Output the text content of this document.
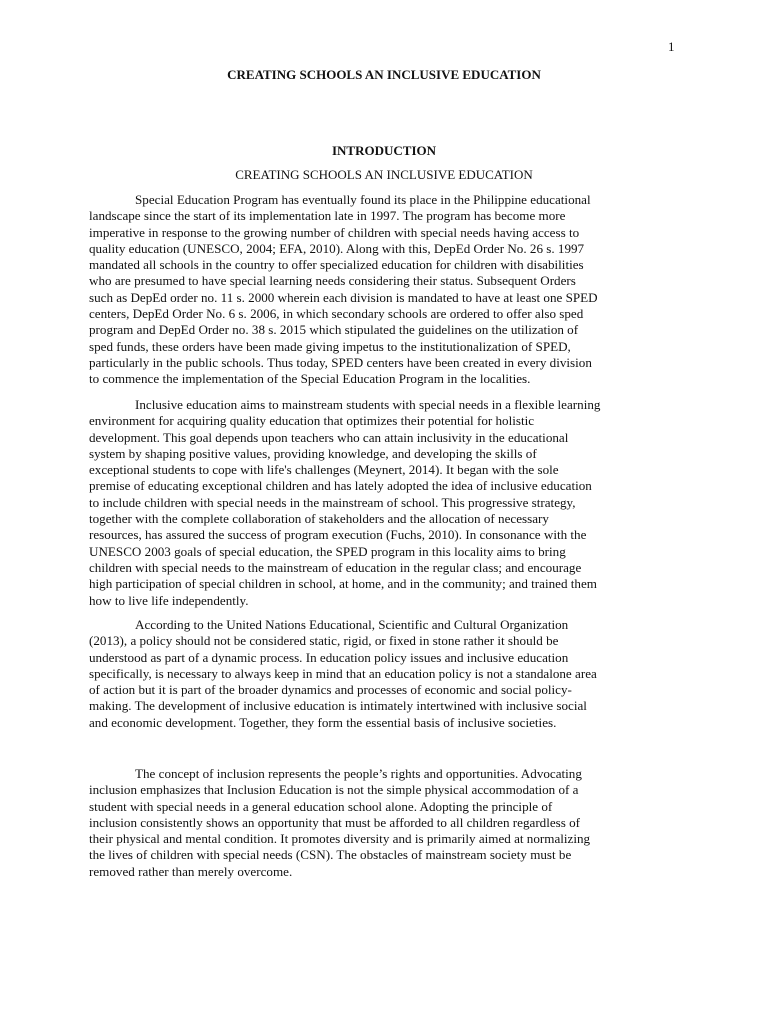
1
CREATING SCHOOLS AN INCLUSIVE EDUCATION
INTRODUCTION
CREATING SCHOOLS AN INCLUSIVE EDUCATION
Special Education Program has eventually found its place in the Philippine educational
landscape since the start of its implementation late in 1997. The program has become more
imperative in response to the growing number of children with special needs having access to
quality education (UNESCO, 2004; EFA, 2010). Along with this, DepEd Order No. 26 s. 1997
mandated all schools in the country to offer specialized education for children with disabilities
who are presumed to have special learning needs considering their status. Subsequent Orders
such as DepEd order no. 11 s. 2000 wherein each division is mandated to have at least one SPED
centers, DepEd Order No. 6 s. 2006, in which secondary schools are ordered to offer also sped
program and DepEd Order no. 38 s. 2015 which stipulated the guidelines on the utilization of
sped funds, these orders have been made giving impetus to the institutionalization of SPED,
particularly in the public schools. Thus today, SPED centers have been created in every division
to commence the implementation of the Special Education Program in the localities.
Inclusive education aims to mainstream students with special needs in a flexible learning
environment for acquiring quality education that optimizes their potential for holistic
development. This goal depends upon teachers who can attain inclusivity in the educational
system by shaping positive values, providing knowledge, and developing the skills of
exceptional students to cope with life's challenges (Meynert, 2014). It began with the sole
premise of educating exceptional children and has lately adopted the idea of inclusive education
to include children with special needs in the mainstream of school. This progressive strategy,
together with the complete collaboration of stakeholders and the allocation of necessary
resources, has assured the success of program execution (Fuchs, 2010). In consonance with the
UNESCO 2003 goals of special education, the SPED program in this locality aims to bring
children with special needs to the mainstream of education in the regular class; and encourage
high participation of special children in school, at home, and in the community; and trained them
how to live life independently.
According to the United Nations Educational, Scientific and Cultural Organization
(2013), a policy should not be considered static, rigid, or fixed in stone rather it should be
understood as part of a dynamic process. In education policy issues and inclusive education
specifically, is necessary to always keep in mind that an education policy is not a standalone area
of action but it is part of the broader dynamics and processes of economic and social policy-
making. The development of inclusive education is intimately intertwined with inclusive social
and economic development. Together, they form the essential basis of inclusive societies.
The concept of inclusion represents the people’s rights and opportunities. Advocating
inclusion emphasizes that Inclusion Education is not the simple physical accommodation of a
student with special needs in a general education school alone. Adopting the principle of
inclusion consistently shows an opportunity that must be afforded to all children regardless of
their physical and mental condition. It promotes diversity and is primarily aimed at normalizing
the lives of children with special needs (CSN). The obstacles of mainstream society must be
removed rather than merely overcome.
